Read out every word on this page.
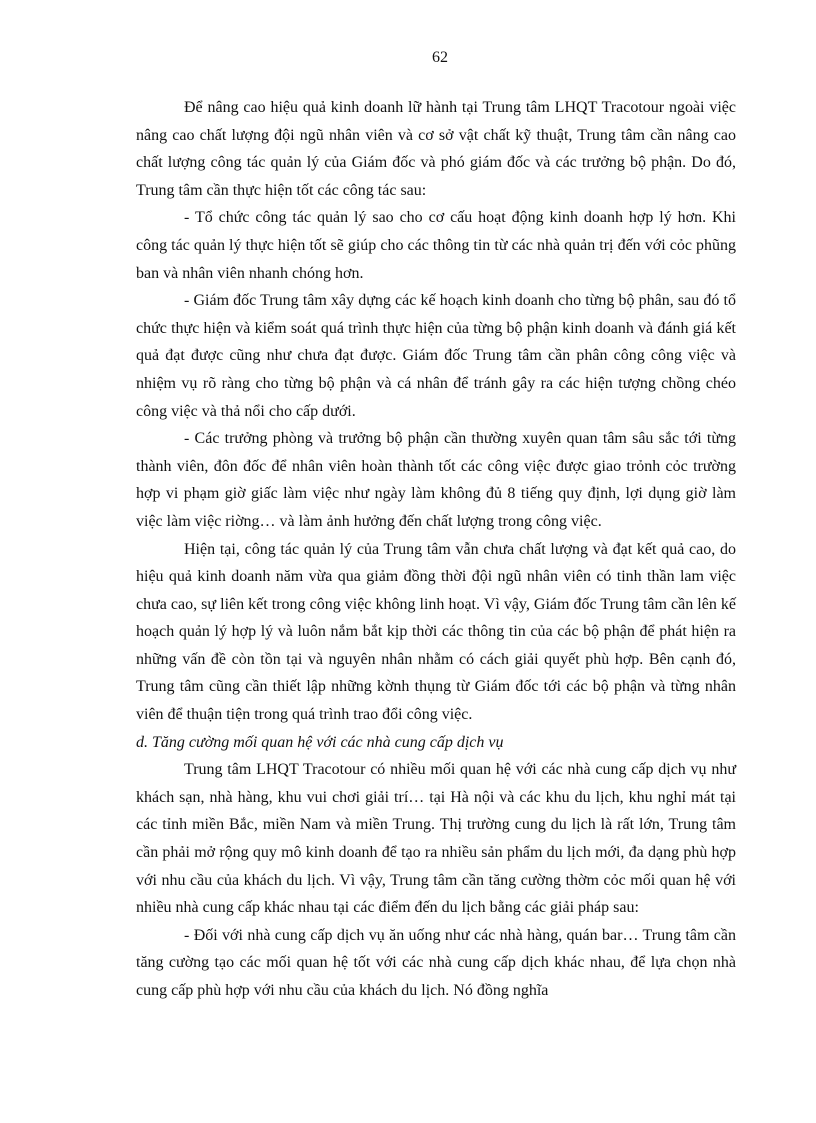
62

Để nâng cao hiệu quả kinh doanh lữ hành tại Trung tâm LHQT Tracotour ngoài việc nâng cao chất lượng đội ngũ nhân viên và cơ sở vật chất kỹ thuật, Trung tâm cần nâng cao chất lượng công tác quản lý của Giám đốc và phó giám đốc và các trưởng bộ phận. Do đó, Trung tâm cần thực hiện tốt các công tác sau:

- Tổ chức công tác quản lý sao cho cơ cấu hoạt động kinh doanh hợp lý hơn. Khi công tác quản lý thực hiện tốt sẽ giúp cho các thông tin từ các nhà quản trị đến với cỏc phũng ban và nhân viên nhanh chóng hơn.

- Giám đốc Trung tâm xây dựng các kế hoạch kinh doanh cho từng bộ phân, sau đó tổ chức thực hiện và kiểm soát quá trình thực hiện của từng bộ phận kinh doanh và đánh giá kết quả đạt được cũng như chưa đạt được. Giám đốc Trung tâm cần phân công công việc và nhiệm vụ rõ ràng cho từng bộ phận và cá nhân để tránh gây ra các hiện tượng chồng chéo công việc và thả nổi cho cấp dưới.

- Các trưởng phòng và trưởng bộ phận cần thường xuyên quan tâm sâu sắc tới từng thành viên, đôn đốc để nhân viên hoàn thành tốt các công việc được giao trỏnh cỏc trường hợp vi phạm giờ giấc làm việc như ngày làm không đủ 8 tiếng quy định, lợi dụng giờ làm việc làm việc riờng… và làm ảnh hưởng đến chất lượng trong công việc.

Hiện tại, công tác quản lý của Trung tâm vẫn chưa chất lượng và đạt kết quả cao, do hiệu quả kinh doanh năm vừa qua giảm đồng thời đội ngũ nhân viên có tinh thần lam việc chưa cao, sự liên kết trong công việc không linh hoạt. Vì vậy, Giám đốc Trung tâm cần lên kế hoạch quản lý hợp lý và luôn nắm bắt kịp thời các thông tin của các bộ phận để phát hiện ra những vấn đề còn tồn tại và nguyên nhân nhằm có cách giải quyết phù hợp. Bên cạnh đó, Trung tâm cũng cần thiết lập những kờnh thụng từ Giám đốc tới các bộ phận và từng nhân viên để thuận tiện trong quá trình trao đổi công việc.

d. Tăng cường mối quan hệ với các nhà cung cấp dịch vụ

Trung tâm LHQT Tracotour có nhiều mối quan hệ với các nhà cung cấp dịch vụ như khách sạn, nhà hàng, khu vui chơi giải trí… tại Hà nội và các khu du lịch, khu nghỉ mát tại các tỉnh miền Bắc, miền Nam và miền Trung. Thị trường cung du lịch là rất lớn, Trung tâm cần phải mở rộng quy mô kinh doanh để tạo ra nhiều sản phẩm du lịch mới, đa dạng phù hợp với nhu cầu của khách du lịch. Vì vậy, Trung tâm cần tăng cường thờm cỏc mối quan hệ với nhiều nhà cung cấp khác nhau tại các điểm đến du lịch bằng các giải pháp sau:

- Đối với nhà cung cấp dịch vụ ăn uống như các nhà hàng, quán bar… Trung tâm cần tăng cường tạo các mối quan hệ tốt với các nhà cung cấp dịch khác nhau, để lựa chọn nhà cung cấp phù hợp với nhu cầu của khách du lịch. Nó đồng nghĩa
